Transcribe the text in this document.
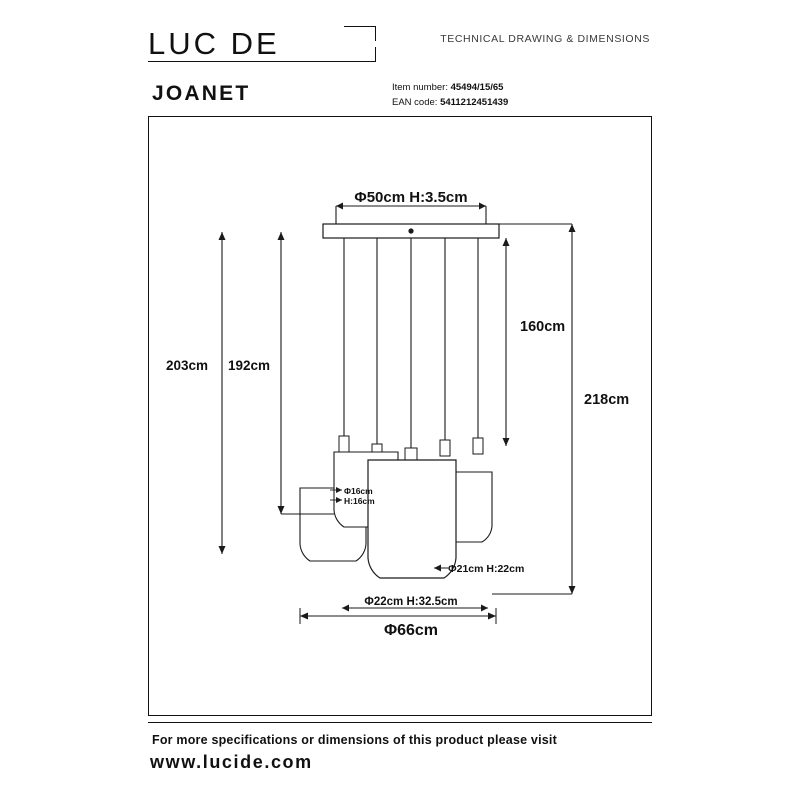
LUC DE	TECHNICAL DRAWING & DIMENSIONS
JOANET	Item number: 45494/15/65
EAN code: 5411212451439
Φ50cm H:3.5cm
160cm
203cm 192cm
218cm
Φ16cm
H:16cm
Φ21cm H:22cm
Φ22cm H:32.5cm
Φ66cm
For more specifications or dimensions of this product please visit
www.lucide.com
